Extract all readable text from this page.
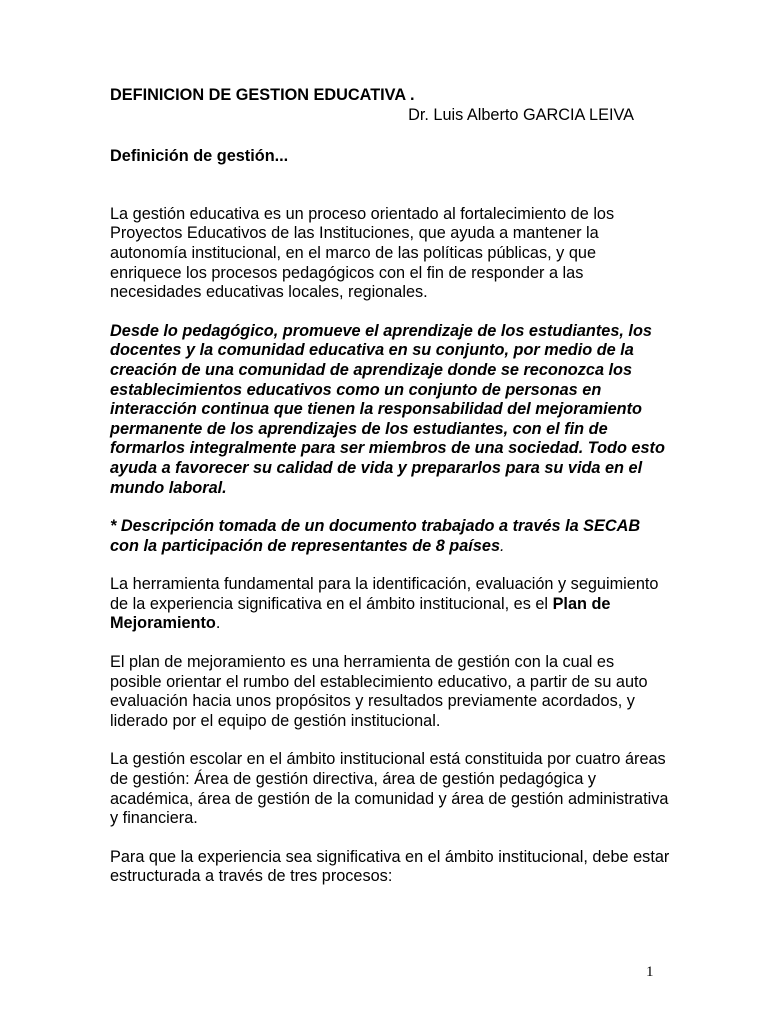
DEFINICION DE GESTION EDUCATIVA .
Dr. Luis Alberto GARCIA LEIVA
Definición de gestión...

La gestión educativa es un proceso orientado al fortalecimiento de los Proyectos Educativos de las Instituciones, que ayuda a mantener la autonomía institucional, en el marco de las políticas públicas, y que enriquece los procesos pedagógicos con el fin de responder a las necesidades educativas locales, regionales.

Desde lo pedagógico, promueve el aprendizaje de los estudiantes, los docentes y la comunidad educativa en su conjunto, por medio de la creación de una comunidad de aprendizaje donde se reconozca los establecimientos educativos como un conjunto de personas en interacción continua que tienen la responsabilidad del mejoramiento permanente de los aprendizajes de los estudiantes, con el fin de formarlos integralmente para ser miembros de una sociedad. Todo esto ayuda a favorecer su calidad de vida y prepararlos para su vida en el mundo laboral.

* Descripción tomada de un documento trabajado a través la SECAB con la participación de representantes de 8 países.

La herramienta fundamental para la identificación, evaluación y seguimiento de la experiencia significativa en el ámbito institucional, es el Plan de Mejoramiento.

El plan de mejoramiento es una herramienta de gestión con la cual es posible orientar el rumbo del establecimiento educativo, a partir de su auto evaluación hacia unos propósitos y resultados previamente acordados, y liderado por el equipo de gestión institucional.

La gestión escolar en el ámbito institucional está constituida por cuatro áreas de gestión: Área de gestión directiva, área de gestión pedagógica y académica, área de gestión de la comunidad y área de gestión administrativa y financiera.

Para que la experiencia sea significativa en el ámbito institucional, debe estar estructurada a través de tres procesos:

1
